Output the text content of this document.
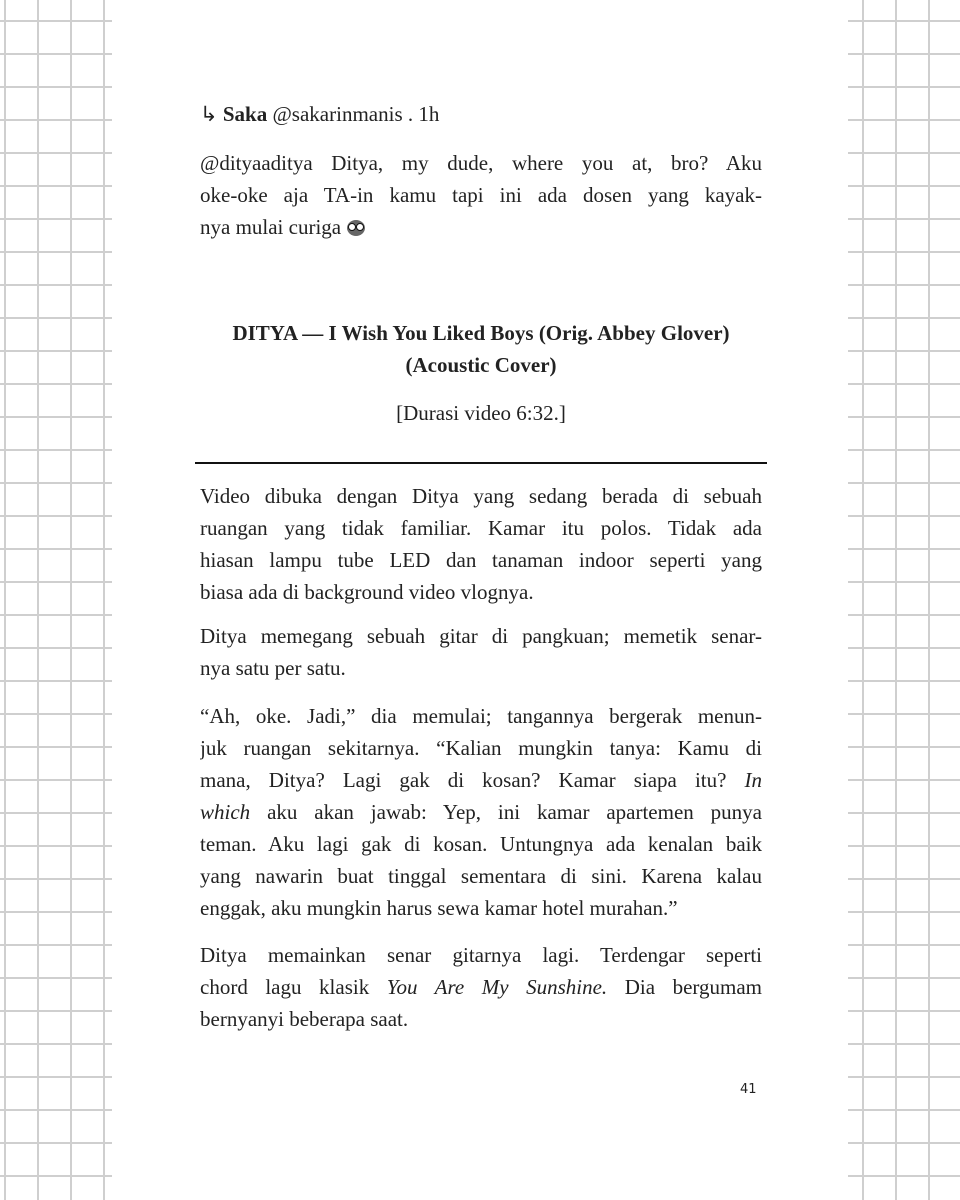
↳ Saka @sakarinmanis . 1h
@dityaaditya Ditya, my dude, where you at, bro? Aku
oke-oke aja TA-in kamu tapi ini ada dosen yang kayak-
nya mulai curiga
DITYA — I Wish You Liked Boys (Orig. Abbey Glover)
(Acoustic Cover)
[Durasi video 6:32.]
Video dibuka dengan Ditya yang sedang berada di sebuah
ruangan yang tidak familiar. Kamar itu polos. Tidak ada
hiasan lampu tube LED dan tanaman indoor seperti yang
biasa ada di background video vlognya.
Ditya memegang sebuah gitar di pangkuan; memetik senar-
nya satu per satu.
“Ah, oke. Jadi,” dia memulai; tangannya bergerak menun-
juk ruangan sekitarnya. “Kalian mungkin tanya: Kamu di
mana, Ditya? Lagi gak di kosan? Kamar siapa itu? In
which aku akan jawab: Yep, ini kamar apartemen punya
teman. Aku lagi gak di kosan. Untungnya ada kenalan baik
yang nawarin buat tinggal sementara di sini. Karena kalau
enggak, aku mungkin harus sewa kamar hotel murahan.”
Ditya memainkan senar gitarnya lagi. Terdengar seperti
chord lagu klasik You Are My Sunshine. Dia bergumam
bernyanyi beberapa saat.
41
